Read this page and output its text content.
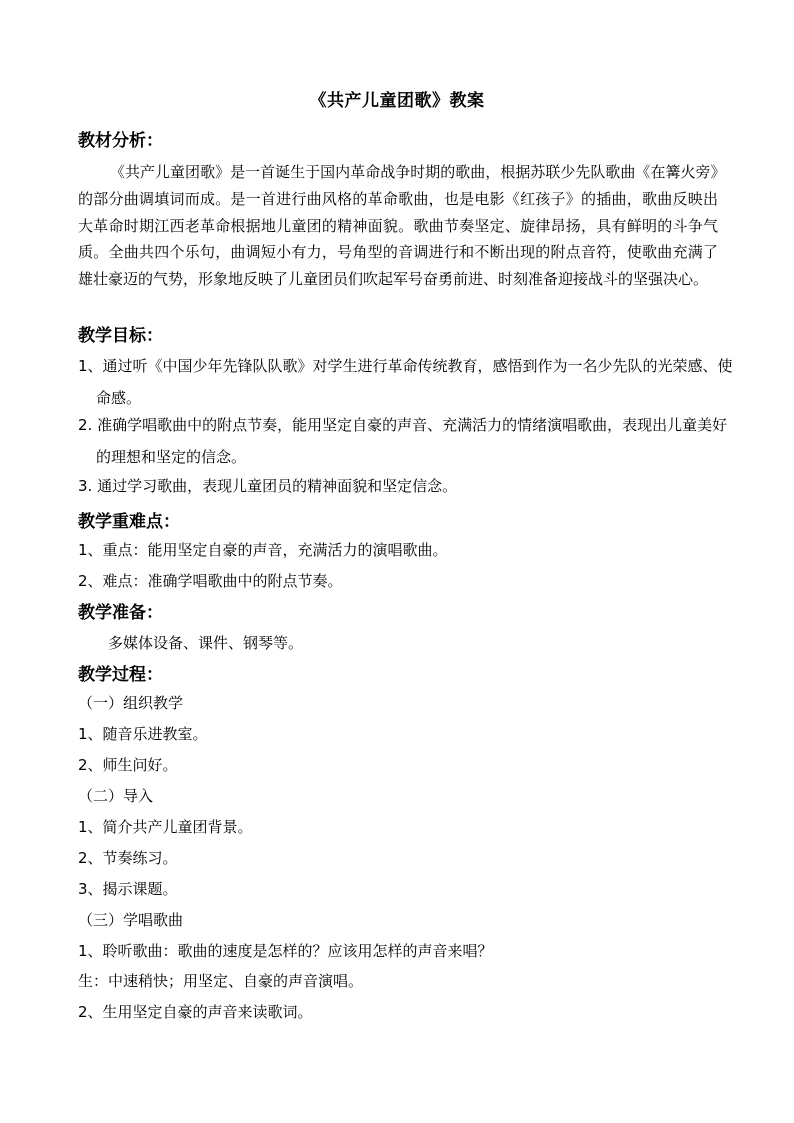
《共产儿童团歌》教案
教材分析：
《共产儿童团歌》是一首诞生于国内革命战争时期的歌曲，根据苏联少先队歌曲《在篝火旁》的部分曲调填词而成。是一首进行曲风格的革命歌曲，也是电影《红孩子》的插曲，歌曲反映出大革命时期江西老革命根据地儿童团的精神面貌。歌曲节奏坚定、旋律昂扬，具有鲜明的斗争气质。全曲共四个乐句，曲调短小有力，号角型的音调进行和不断出现的附点音符，使歌曲充满了雄壮豪迈的气势，形象地反映了儿童团员们吹起军号奋勇前进、时刻准备迎接战斗的坚强决心。
教学目标：
1、通过听《中国少年先锋队队歌》对学生进行革命传统教育，感悟到作为一名少先队的光荣感、使命感。
2. 准确学唱歌曲中的附点节奏，能用坚定自豪的声音、充满活力的情绪演唱歌曲，表现出儿童美好的理想和坚定的信念。
3. 通过学习歌曲，表现儿童团员的精神面貌和坚定信念。
教学重难点：
1、重点：能用坚定自豪的声音，充满活力的演唱歌曲。
2、难点：准确学唱歌曲中的附点节奏。
教学准备：
多媒体设备、课件、钢琴等。
教学过程：
（一）组织教学
1、随音乐进教室。
2、师生问好。
（二）导入
1、简介共产儿童团背景。
2、节奏练习。
3、揭示课题。
（三）学唱歌曲
1、聆听歌曲：歌曲的速度是怎样的？应该用怎样的声音来唱？
生：中速稍快；用坚定、自豪的声音演唱。
2、生用坚定自豪的声音来读歌词。
